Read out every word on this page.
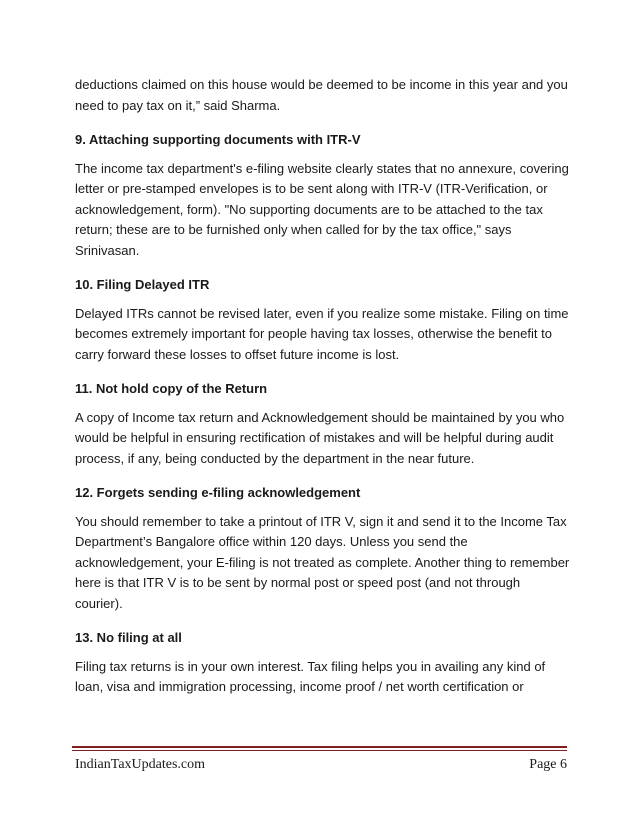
deductions claimed on this house would be deemed to be income in this year and you need to pay tax on it,” said Sharma.

9. Attaching supporting documents with ITR-V

The income tax department's e-filing website clearly states that no annexure, covering letter or pre-stamped envelopes is to be sent along with ITR-V (ITR-Verification, or acknowledgement, form). "No supporting documents are to be attached to the tax return; these are to be furnished only when called for by the tax office," says Srinivasan.

10. Filing Delayed ITR

Delayed ITRs cannot be revised later, even if you realize some mistake. Filing on time becomes extremely important for people having tax losses, otherwise the benefit to carry forward these losses to offset future income is lost.

11. Not hold copy of the Return

A copy of Income tax return and Acknowledgement should be maintained by you who would be helpful in ensuring rectification of mistakes and will be helpful during audit process, if any, being conducted by the department in the near future.

12. Forgets sending e-filing acknowledgement

You should remember to take a printout of ITR V, sign it and send it to the Income Tax Department’s Bangalore office within 120 days. Unless you send the acknowledgement, your E-filing is not treated as complete. Another thing to remember here is that ITR V is to be sent by normal post or speed post (and not through courier).

13. No filing at all

Filing tax returns is in your own interest. Tax filing helps you in availing any kind of loan, visa and immigration processing, income proof / net worth certification or

IndianTaxUpdates.com	Page 6
